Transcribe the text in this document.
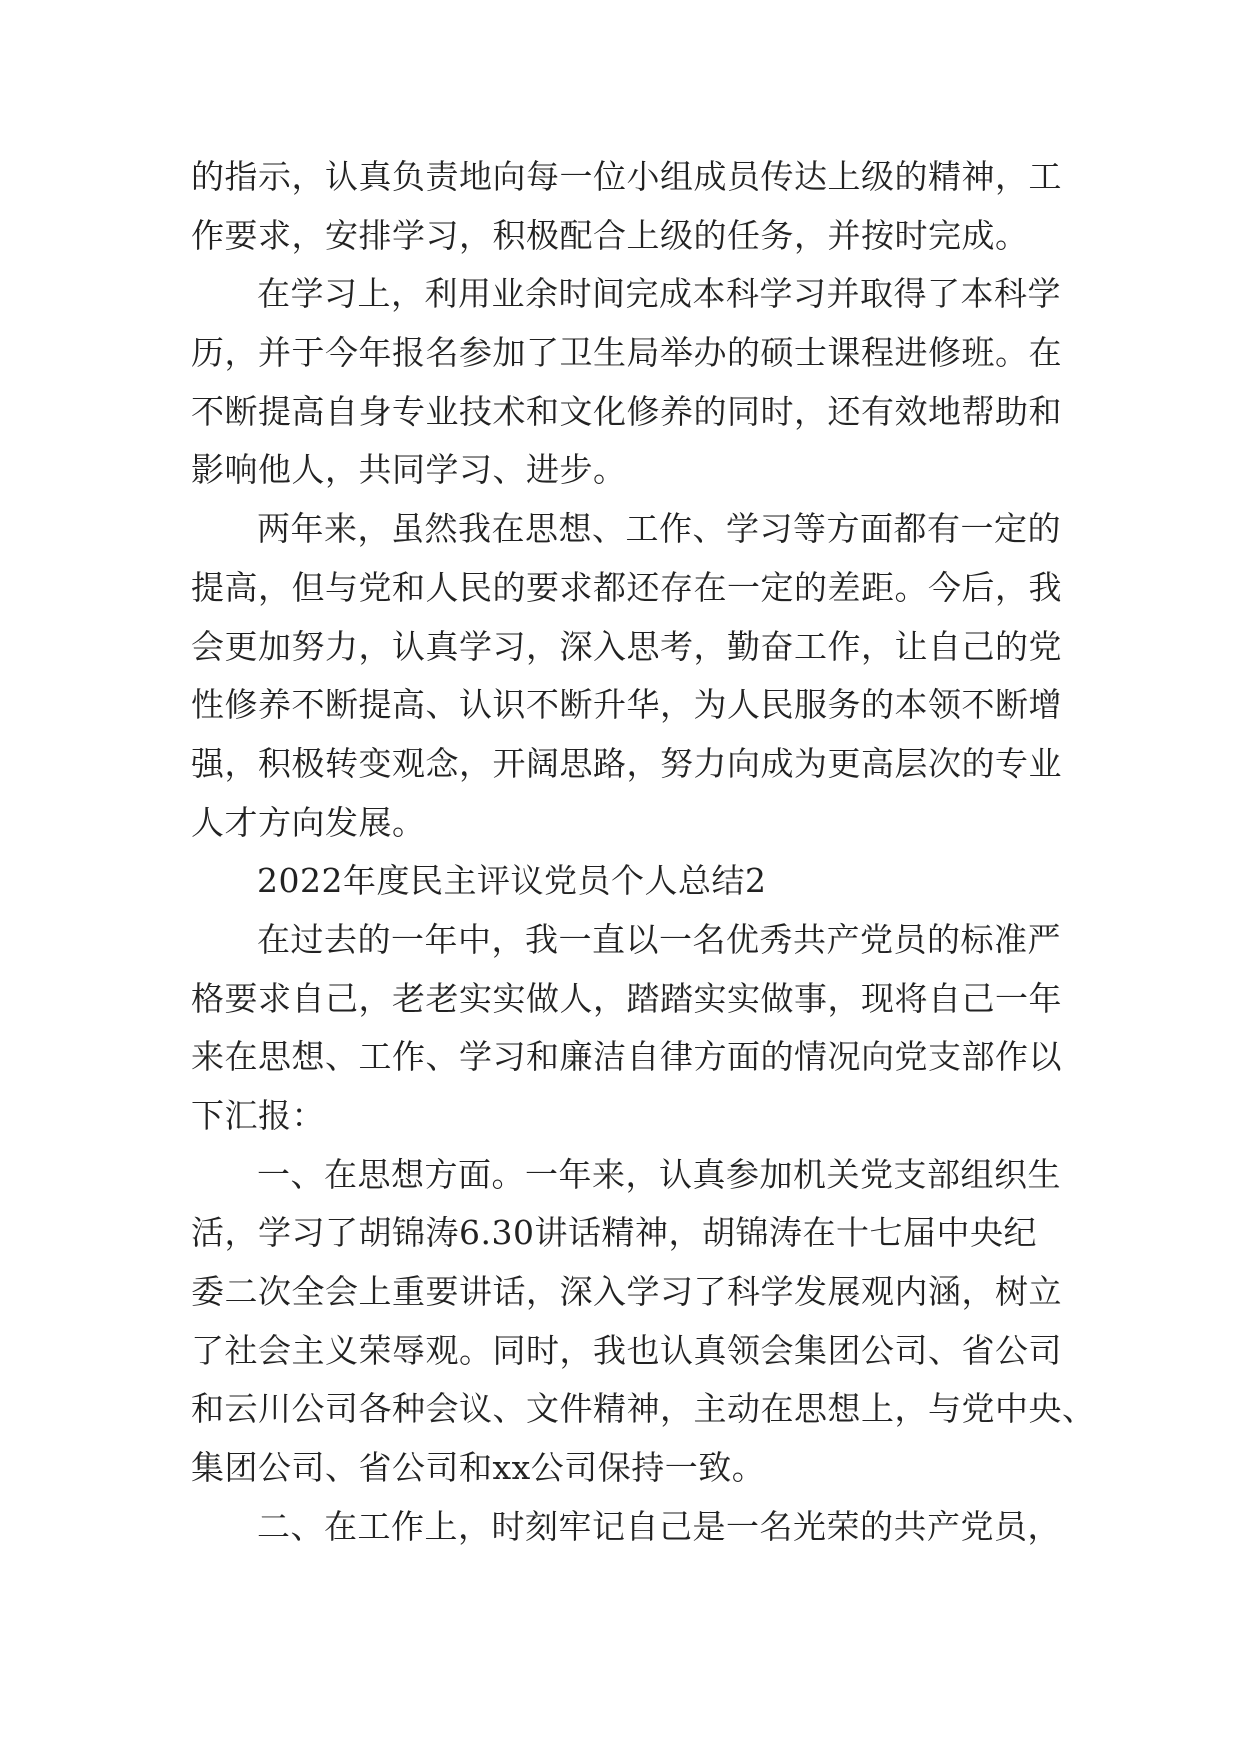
的指示，认真负责地向每一位小组成员传达上级的精神，工
作要求，安排学习，积极配合上级的任务，并按时完成。
在学习上，利用业余时间完成本科学习并取得了本科学
历，并于今年报名参加了卫生局举办的硕士课程进修班。在
不断提高自身专业技术和文化修养的同时，还有效地帮助和
影响他人，共同学习、进步。
两年来，虽然我在思想、工作、学习等方面都有一定的
提高，但与党和人民的要求都还存在一定的差距。今后，我
会更加努力，认真学习，深入思考，勤奋工作，让自己的党
性修养不断提高、认识不断升华，为人民服务的本领不断增
强，积极转变观念，开阔思路，努力向成为更高层次的专业
人才方向发展。
2022年度民主评议党员个人总结2
在过去的一年中，我一直以一名优秀共产党员的标准严
格要求自己，老老实实做人，踏踏实实做事，现将自己一年
来在思想、工作、学习和廉洁自律方面的情况向党支部作以
下汇报：
一、在思想方面。一年来，认真参加机关党支部组织生
活，学习了胡锦涛6.30讲话精神，胡锦涛在十七届中央纪
委二次全会上重要讲话，深入学习了科学发展观内涵，树立
了社会主义荣辱观。同时，我也认真领会集团公司、省公司
和云川公司各种会议、文件精神，主动在思想上，与党中央、
集团公司、省公司和xx公司保持一致。
二、在工作上，时刻牢记自己是一名光荣的共产党员，
